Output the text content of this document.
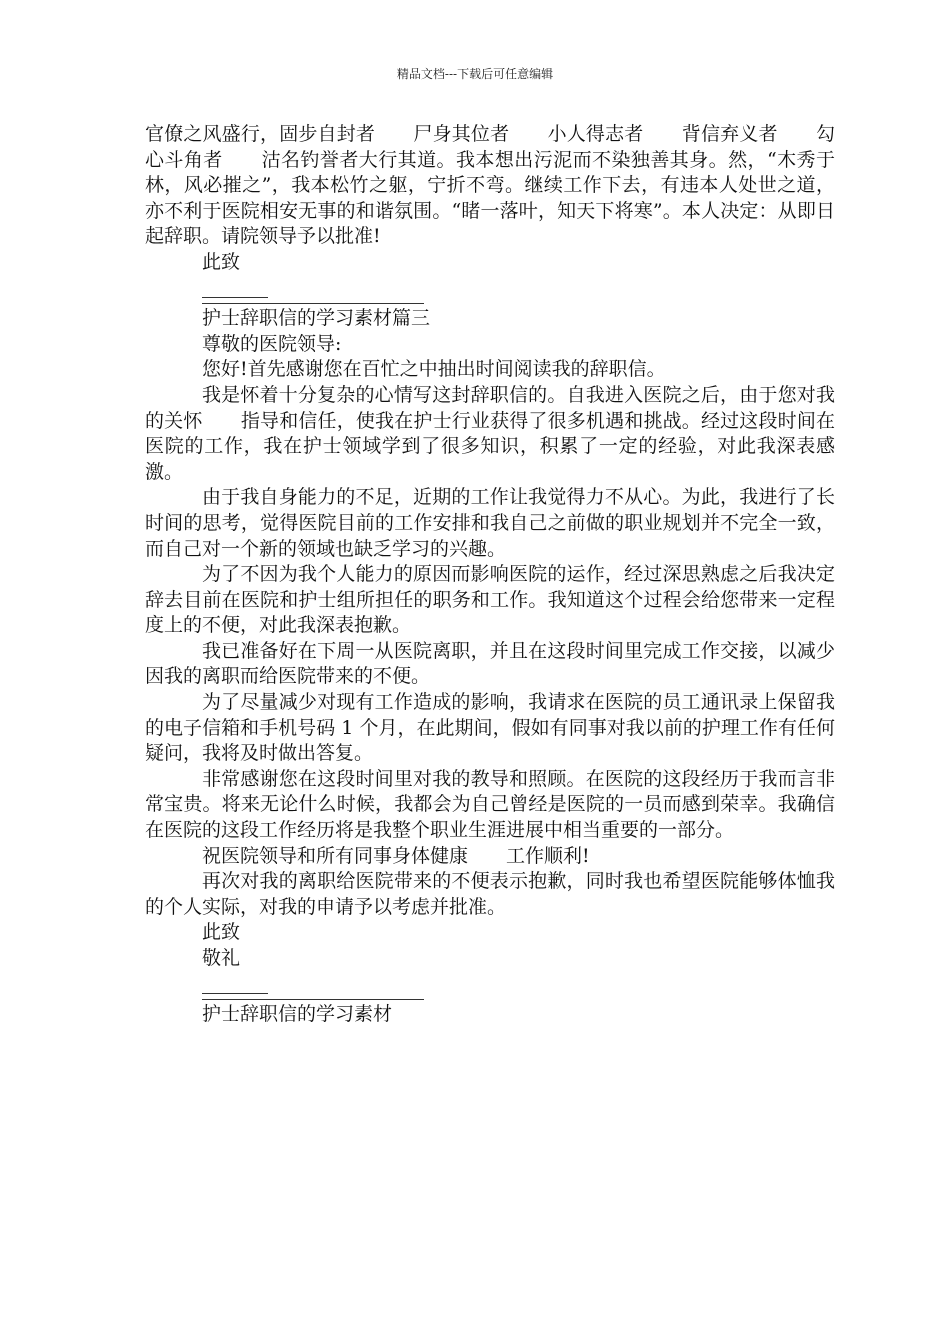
精品文档---下载后可任意编辑

官僚之风盛行，固步自封者　　尸身其位者　　小人得志者　　背信弃义者　　勾心斗角者　　沽名钓誉者大行其道。我本想出污泥而不染独善其身。然，“木秀于林，风必摧之”，我本松竹之躯，宁折不弯。继续工作下去，有违本人处世之道，亦不利于医院相安无事的和谐氛围。“睹一落叶，知天下将寒”。本人决定：从即日起辞职。请院领导予以批准!

此致

护士辞职信的学习素材篇三

尊敬的医院领导:

您好!首先感谢您在百忙之中抽出时间阅读我的辞职信。

我是怀着十分复杂的心情写这封辞职信的。自我进入医院之后，由于您对我的关怀　　指导和信任，使我在护士行业获得了很多机遇和挑战。经过这段时间在医院的工作，我在护士领域学到了很多知识，积累了一定的经验，对此我深表感激。

由于我自身能力的不足，近期的工作让我觉得力不从心。为此，我进行了长时间的思考，觉得医院目前的工作安排和我自己之前做的职业规划并不完全一致，而自己对一个新的领域也缺乏学习的兴趣。

为了不因为我个人能力的原因而影响医院的运作，经过深思熟虑之后我决定辞去目前在医院和护士组所担任的职务和工作。我知道这个过程会给您带来一定程度上的不便，对此我深表抱歉。

我已准备好在下周一从医院离职，并且在这段时间里完成工作交接，以减少因我的离职而给医院带来的不便。

为了尽量减少对现有工作造成的影响，我请求在医院的员工通讯录上保留我的电子信箱和手机号码 1 个月，在此期间，假如有同事对我以前的护理工作有任何疑问，我将及时做出答复。

非常感谢您在这段时间里对我的教导和照顾。在医院的这段经历于我而言非常宝贵。将来无论什么时候，我都会为自己曾经是医院的一员而感到荣幸。我确信在医院的这段工作经历将是我整个职业生涯进展中相当重要的一部分。

祝医院领导和所有同事身体健康　　工作顺利!

再次对我的离职给医院带来的不便表示抱歉，同时我也希望医院能够体恤我的个人实际，对我的申请予以考虑并批准。

此致

敬礼

护士辞职信的学习素材
